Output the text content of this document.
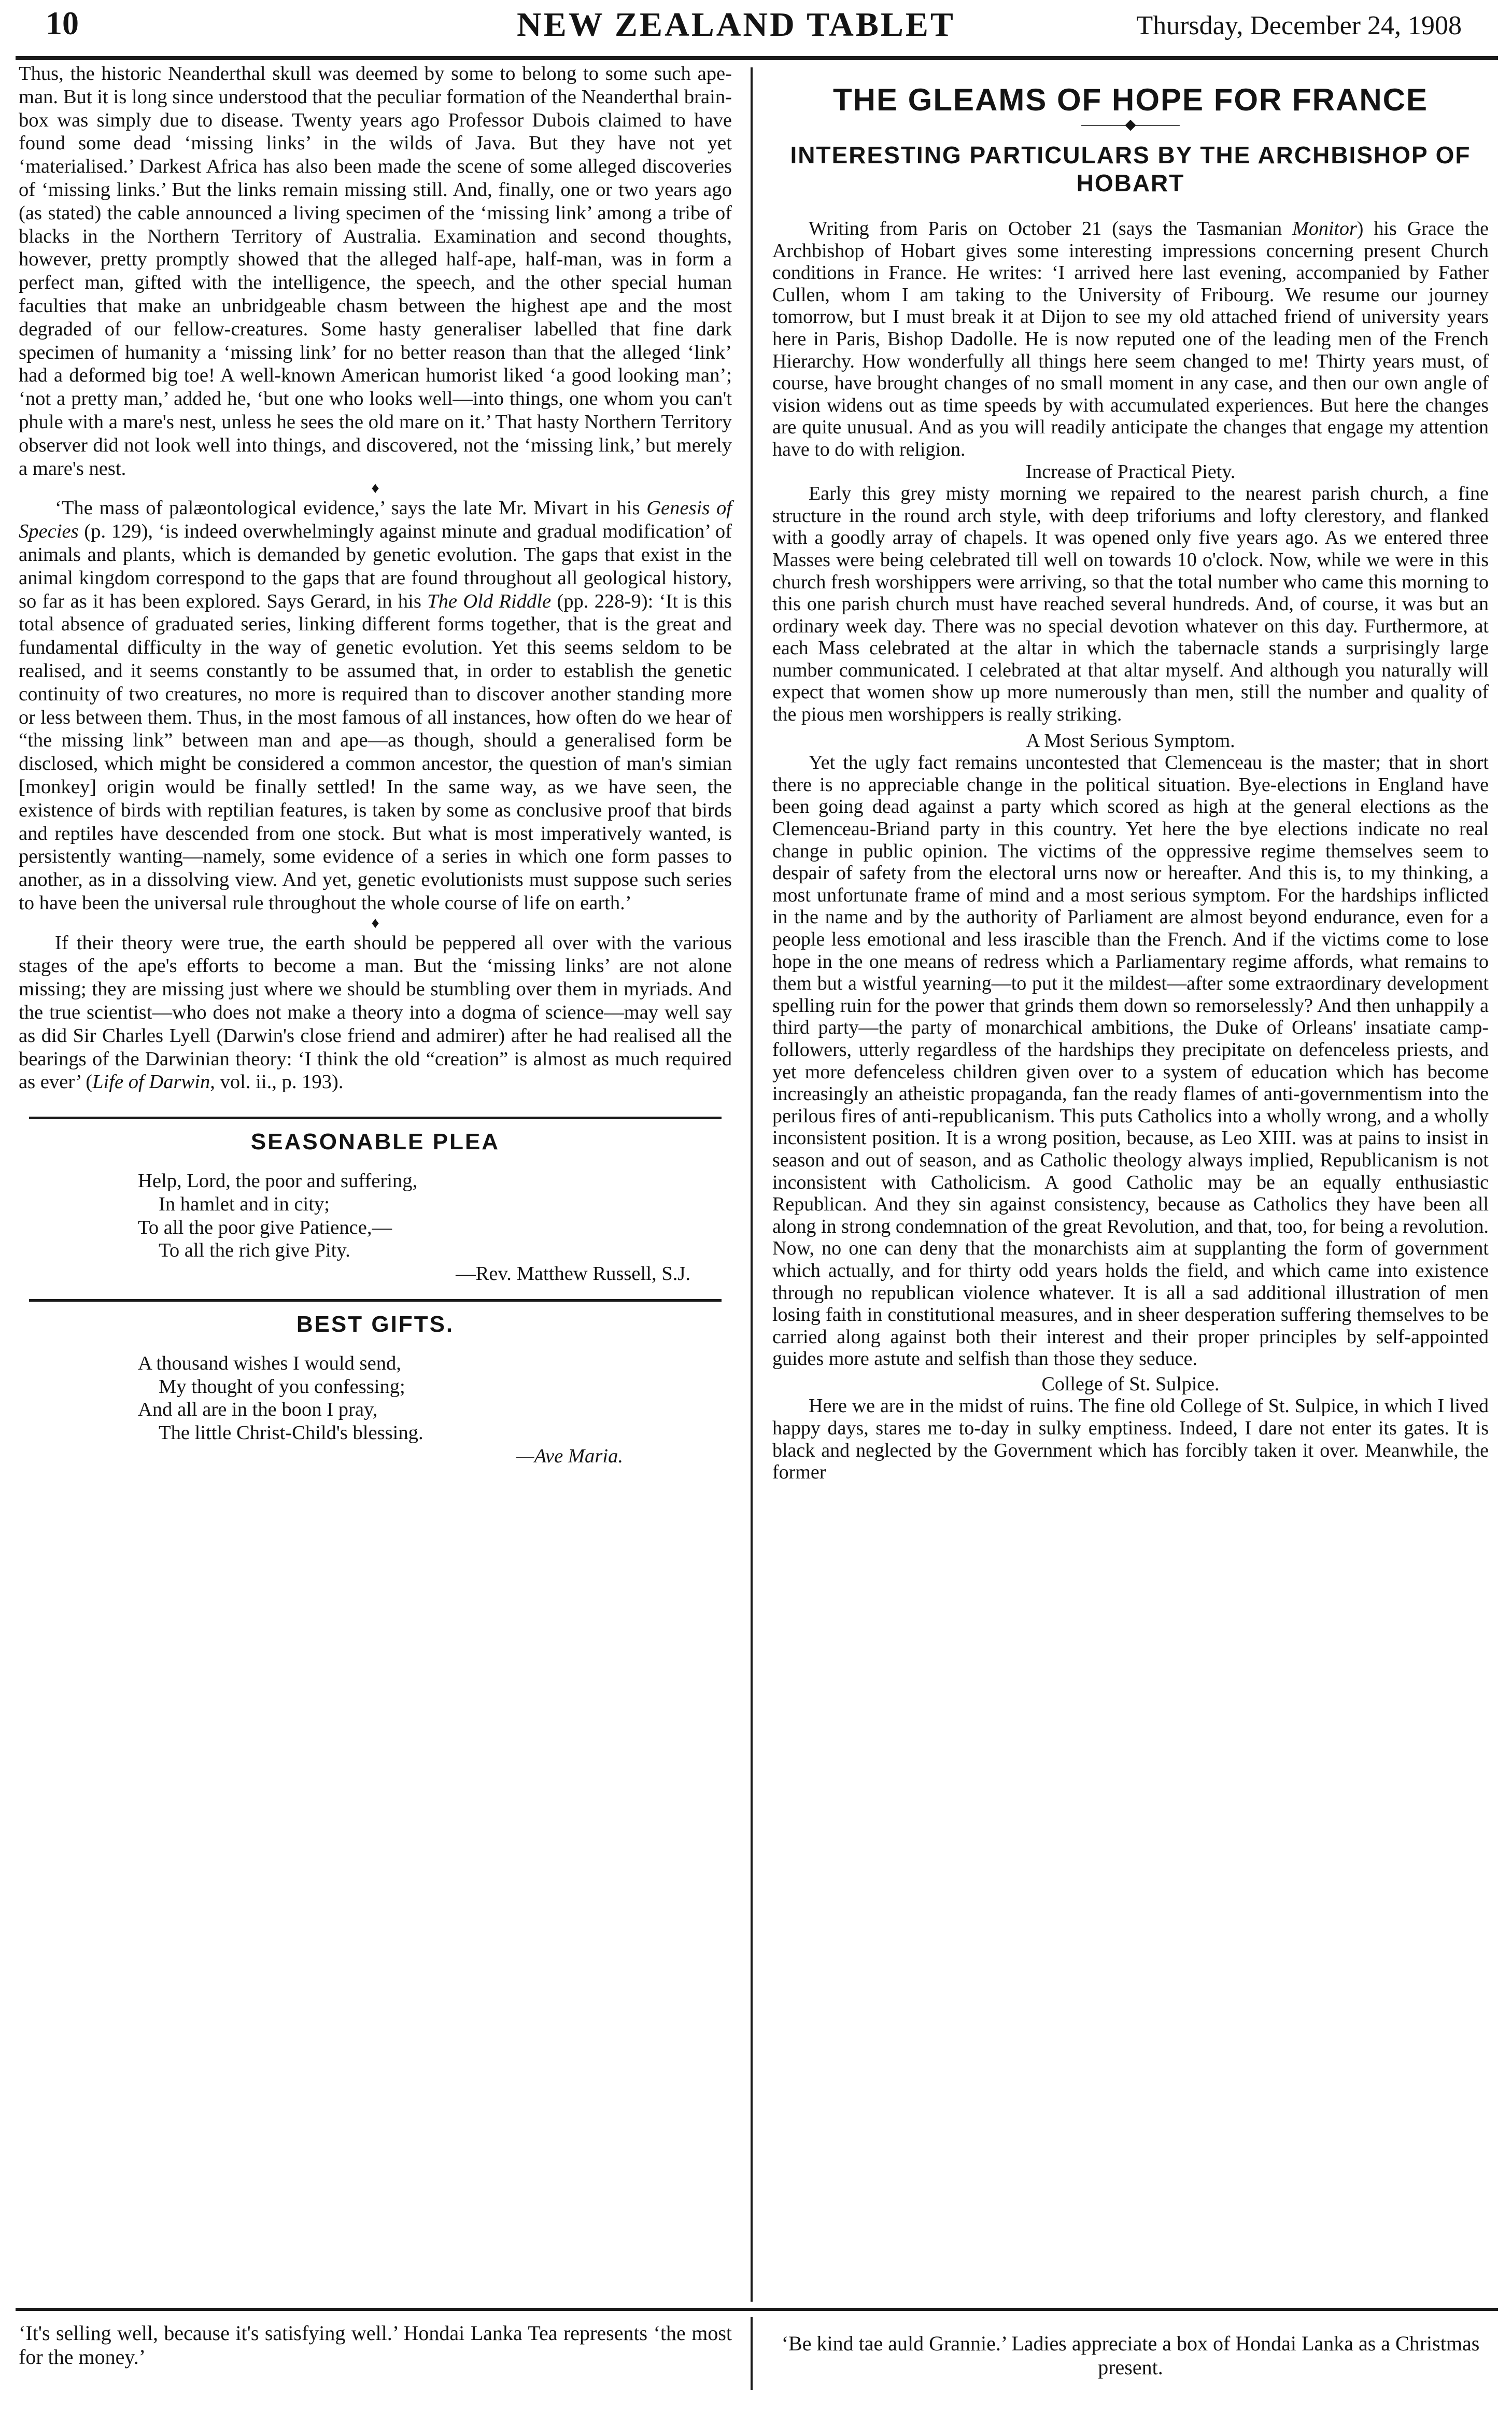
10	NEW ZEALAND TABLET	Thursday, December 24, 1908

Thus, the historic Neanderthal skull was deemed by some to belong to some such ape-man. But it is long since understood that the peculiar formation of the Neanderthal brain-box was simply due to disease. Twenty years ago Professor Dubois claimed to have found some dead ‘missing links’ in the wilds of Java. But they have not yet ‘materialised.’ Darkest Africa has also been made the scene of some alleged discoveries of ‘missing links.’ But the links remain missing still. And, finally, one or two years ago (as stated) the cable announced a living specimen of the ‘missing link’ among a tribe of blacks in the Northern Territory of Australia. Examination and second thoughts, however, pretty promptly showed that the alleged half-ape, half-man, was in form a perfect man, gifted with the intelligence, the speech, and the other special human faculties that make an unbridgeable chasm between the highest ape and the most degraded of our fellow-creatures. Some hasty generaliser labelled that fine dark specimen of humanity a ‘missing link’ for no better reason than that the alleged ‘link’ had a deformed big toe! A well-known American humorist liked ‘a good looking man’; ‘not a pretty man,’ added he, ‘but one who looks well—into things, one whom you can't phule with a mare's nest, unless he sees the old mare on it.’ That hasty Northern Territory observer did not look well into things, and discovered, not the ‘missing link,’ but merely a mare's nest.

♦

‘The mass of palæontological evidence,’ says the late Mr. Mivart in his Genesis of Species (p. 129), ‘is indeed overwhelmingly against minute and gradual modification’ of animals and plants, which is demanded by genetic evolution. The gaps that exist in the animal kingdom correspond to the gaps that are found throughout all geological history, so far as it has been explored. Says Gerard, in his The Old Riddle (pp. 228-9): ‘It is this total absence of graduated series, linking different forms together, that is the great and fundamental difficulty in the way of genetic evolution. Yet this seems seldom to be realised, and it seems constantly to be assumed that, in order to establish the genetic continuity of two creatures, no more is required than to discover another standing more or less between them. Thus, in the most famous of all instances, how often do we hear of “the missing link” between man and ape—as though, should a generalised form be disclosed, which might be considered a common ancestor, the question of man's simian [monkey] origin would be finally settled! In the same way, as we have seen, the existence of birds with reptilian features, is taken by some as conclusive proof that birds and reptiles have descended from one stock. But what is most imperatively wanted, is persistently wanting—namely, some evidence of a series in which one form passes to another, as in a dissolving view. And yet, genetic evolutionists must suppose such series to have been the universal rule throughout the whole course of life on earth.’

♦

If their theory were true, the earth should be peppered all over with the various stages of the ape's efforts to become a man. But the ‘missing links’ are not alone missing; they are missing just where we should be stumbling over them in myriads. And the true scientist—who does not make a theory into a dogma of science—may well say as did Sir Charles Lyell (Darwin's close friend and admirer) after he had realised all the bearings of the Darwinian theory: ‘I think the old “creation” is almost as much required as ever’ (Life of Darwin, vol. ii., p. 193).

SEASONABLE PLEA
Help, Lord, the poor and suffering,
In hamlet and in city;
To all the poor give Patience,—
To all the rich give Pity.
—Rev. Matthew Russell, S.J.
BEST GIFTS.
A thousand wishes I would send,
My thought of you confessing;
And all are in the boon I pray,
The little Christ-Child's blessing.
—Ave Maria.
THE GLEAMS OF HOPE FOR FRANCE
———◆———
INTERESTING PARTICULARS BY THE ARCHBISHOP OF HOBART

Writing from Paris on October 21 (says the Tasmanian Monitor) his Grace the Archbishop of Hobart gives some interesting impressions concerning present Church conditions in France. He writes: ‘I arrived here last evening, accompanied by Father Cullen, whom I am taking to the University of Fribourg. We resume our journey tomorrow, but I must break it at Dijon to see my old attached friend of university years here in Paris, Bishop Dadolle. He is now reputed one of the leading men of the French Hierarchy. How wonderfully all things here seem changed to me! Thirty years must, of course, have brought changes of no small moment in any case, and then our own angle of vision widens out as time speeds by with accumulated experiences. But here the changes are quite unusual. And as you will readily anticipate the changes that engage my attention have to do with religion.

Increase of Practical Piety.

Early this grey misty morning we repaired to the nearest parish church, a fine structure in the round arch style, with deep triforiums and lofty clerestory, and flanked with a goodly array of chapels. It was opened only five years ago. As we entered three Masses were being celebrated till well on towards 10 o'clock. Now, while we were in this church fresh worshippers were arriving, so that the total number who came this morning to this one parish church must have reached several hundreds. And, of course, it was but an ordinary week day. There was no special devotion whatever on this day. Furthermore, at each Mass celebrated at the altar in which the tabernacle stands a surprisingly large number communicated. I celebrated at that altar myself. And although you naturally will expect that women show up more numerously than men, still the number and quality of the pious men worshippers is really striking.

A Most Serious Symptom.

Yet the ugly fact remains uncontested that Clemenceau is the master; that in short there is no appreciable change in the political situation. Bye-elections in England have been going dead against a party which scored as high at the general elections as the Clemenceau-Briand party in this country. Yet here the bye elections indicate no real change in public opinion. The victims of the oppressive regime themselves seem to despair of safety from the electoral urns now or hereafter. And this is, to my thinking, a most unfortunate frame of mind and a most serious symptom. For the hardships inflicted in the name and by the authority of Parliament are almost beyond endurance, even for a people less emotional and less irascible than the French. And if the victims come to lose hope in the one means of redress which a Parliamentary regime affords, what remains to them but a wistful yearning—to put it the mildest—after some extraordinary development spelling ruin for the power that grinds them down so remorselessly? And then unhappily a third party—the party of monarchical ambitions, the Duke of Orleans' insatiate camp-followers, utterly regardless of the hardships they precipitate on defenceless priests, and yet more defenceless children given over to a system of education which has become increasingly an atheistic propaganda, fan the ready flames of anti-governmentism into the perilous fires of anti-republicanism. This puts Catholics into a wholly wrong, and a wholly inconsistent position. It is a wrong position, because, as Leo XIII. was at pains to insist in season and out of season, and as Catholic theology always implied, Republicanism is not inconsistent with Catholicism. A good Catholic may be an equally enthusiastic Republican. And they sin against consistency, because as Catholics they have been all along in strong condemnation of the great Revolution, and that, too, for being a revolution. Now, no one can deny that the monarchists aim at supplanting the form of government which actually, and for thirty odd years holds the field, and which came into existence through no republican violence whatever. It is all a sad additional illustration of men losing faith in constitutional measures, and in sheer desperation suffering themselves to be carried along against both their interest and their proper principles by self-appointed guides more astute and selfish than those they seduce.

College of St. Sulpice.

Here we are in the midst of ruins. The fine old College of St. Sulpice, in which I lived happy days, stares me to-day in sulky emptiness. Indeed, I dare not enter its gates. It is black and neglected by the Government which has forcibly taken it over. Meanwhile, the former

‘It's selling well, because it's satisfying well.’ Hondai Lanka Tea represents ‘the most for the money.’
‘Be kind tae auld Grannie.’ Ladies appreciate a box of Hondai Lanka as a Christmas present.
